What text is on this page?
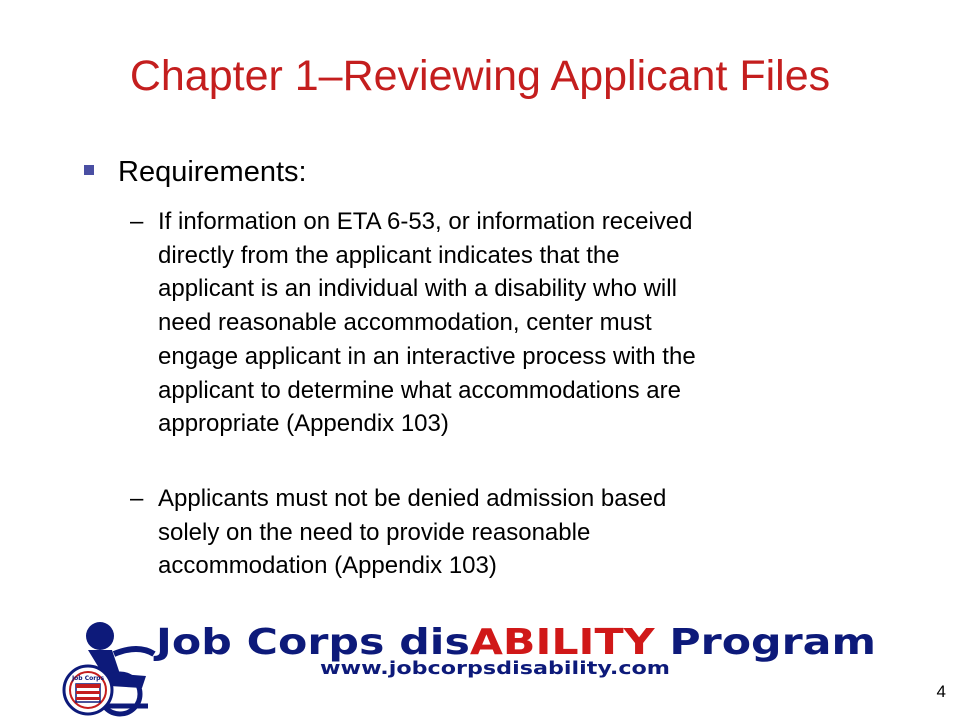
Chapter 1–Reviewing Applicant Files
Requirements:
– If information on ETA 6-53, or information received
directly from the applicant indicates that the
applicant is an individual with a disability who will
need reasonable accommodation, center must
engage applicant in an interactive process with the
applicant to determine what accommodations are
appropriate (Appendix 103)
– Applicants must not be denied admission based
solely on the need to provide reasonable
accommodation (Appendix 103)
Job Corps
Job Corps dis ABILITY Program
www.jobcorpsdisability.com
4
